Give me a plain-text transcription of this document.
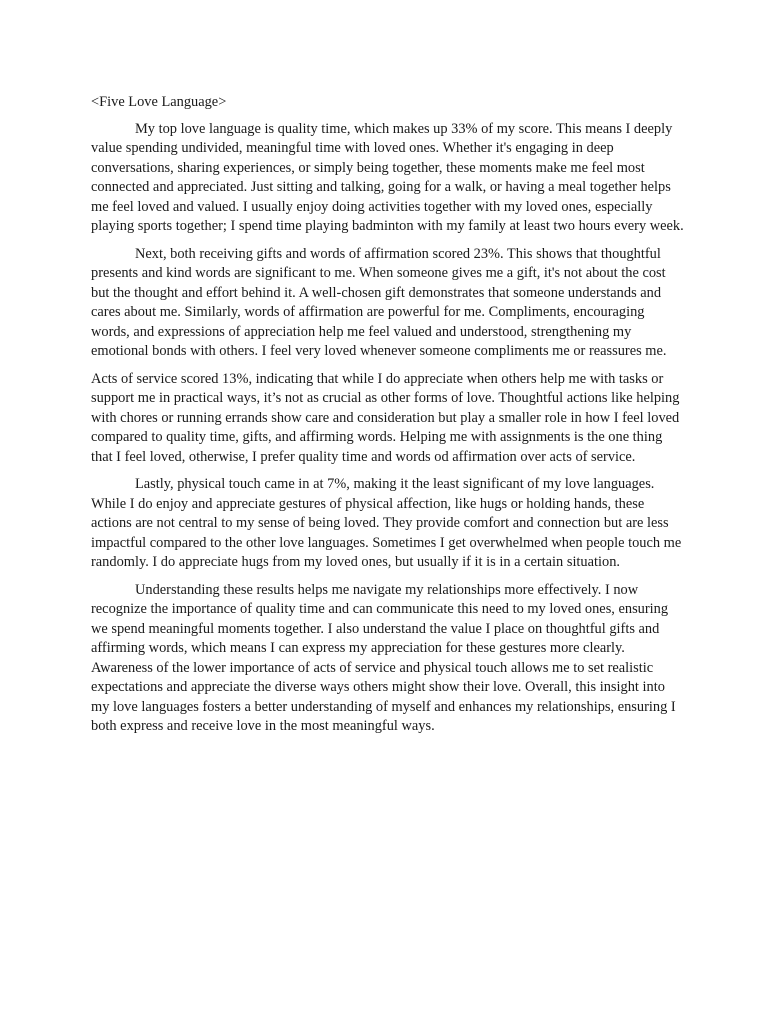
<Five Love Language>

My top love language is quality time, which makes up 33% of my score. This means I deeply value spending undivided, meaningful time with loved ones. Whether it's engaging in deep conversations, sharing experiences, or simply being together, these moments make me feel most connected and appreciated. Just sitting and talking, going for a walk, or having a meal together helps me feel loved and valued. I usually enjoy doing activities together with my loved ones, especially playing sports together; I spend time playing badminton with my family at least two hours every week.

Next, both receiving gifts and words of affirmation scored 23%. This shows that thoughtful presents and kind words are significant to me. When someone gives me a gift, it's not about the cost but the thought and effort behind it. A well-chosen gift demonstrates that someone understands and cares about me. Similarly, words of affirmation are powerful for me. Compliments, encouraging words, and expressions of appreciation help me feel valued and understood, strengthening my emotional bonds with others. I feel very loved whenever someone compliments me or reassures me.

Acts of service scored 13%, indicating that while I do appreciate when others help me with tasks or support me in practical ways, it’s not as crucial as other forms of love. Thoughtful actions like helping with chores or running errands show care and consideration but play a smaller role in how I feel loved compared to quality time, gifts, and affirming words. Helping me with assignments is the one thing that I feel loved, otherwise, I prefer quality time and words od affirmation over acts of service.

Lastly, physical touch came in at 7%, making it the least significant of my love languages. While I do enjoy and appreciate gestures of physical affection, like hugs or holding hands, these actions are not central to my sense of being loved. They provide comfort and connection but are less impactful compared to the other love languages. Sometimes I get overwhelmed when people touch me randomly. I do appreciate hugs from my loved ones, but usually if it is in a certain situation.

Understanding these results helps me navigate my relationships more effectively. I now recognize the importance of quality time and can communicate this need to my loved ones, ensuring we spend meaningful moments together. I also understand the value I place on thoughtful gifts and affirming words, which means I can express my appreciation for these gestures more clearly. Awareness of the lower importance of acts of service and physical touch allows me to set realistic expectations and appreciate the diverse ways others might show their love. Overall, this insight into my love languages fosters a better understanding of myself and enhances my relationships, ensuring I both express and receive love in the most meaningful ways.
